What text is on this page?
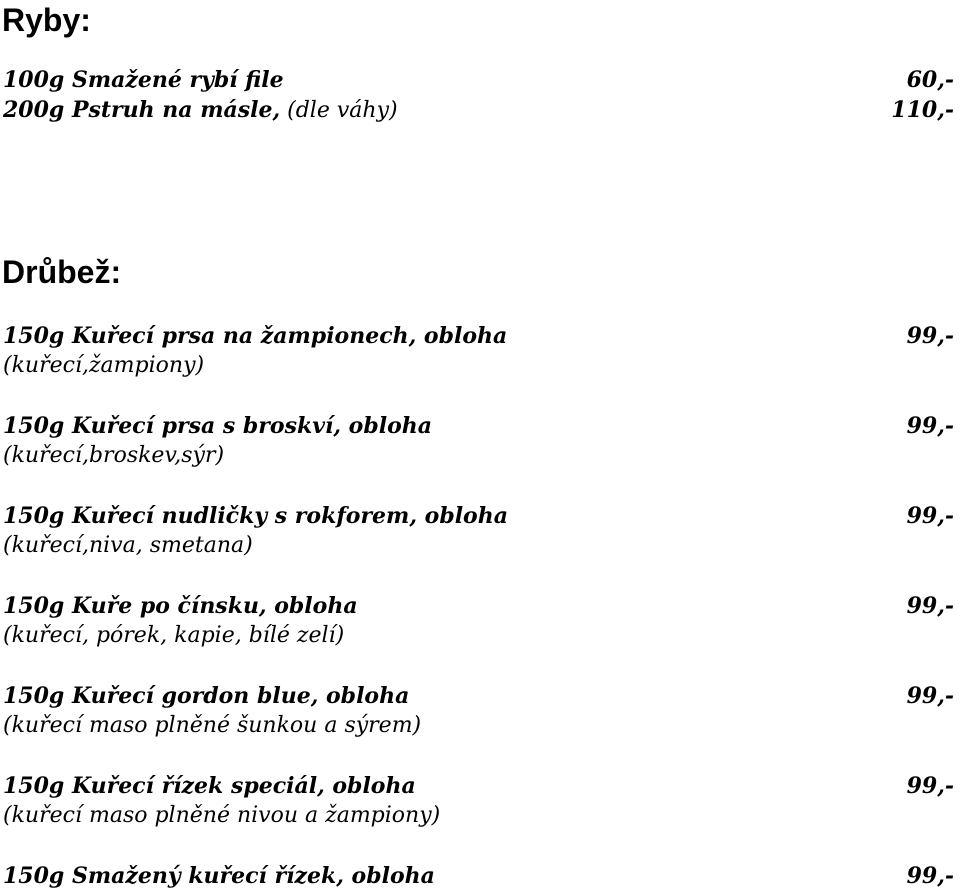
Ryby:
100g Smažené rybí file	60,-
200g Pstruh na másle, (dle váhy)	110,-
Drůbež:
150g Kuřecí prsa na žampionech, obloha	99,-
(kuřecí,žampiony)
150g Kuřecí prsa s broskví, obloha	99,-
(kuřecí,broskev,sýr)
150g Kuřecí nudličky s rokforem, obloha	99,-
(kuřecí,niva, smetana)
150g Kuře po čínsku, obloha	99,-
(kuřecí, pórek, kapie, bílé zelí)
150g Kuřecí gordon blue, obloha	99,-
(kuřecí maso plněné šunkou a sýrem)
150g Kuřecí řízek speciál, obloha	99,-
(kuřecí maso plněné nivou a žampiony)
150g Smažený kuřecí řízek, obloha	99,-
